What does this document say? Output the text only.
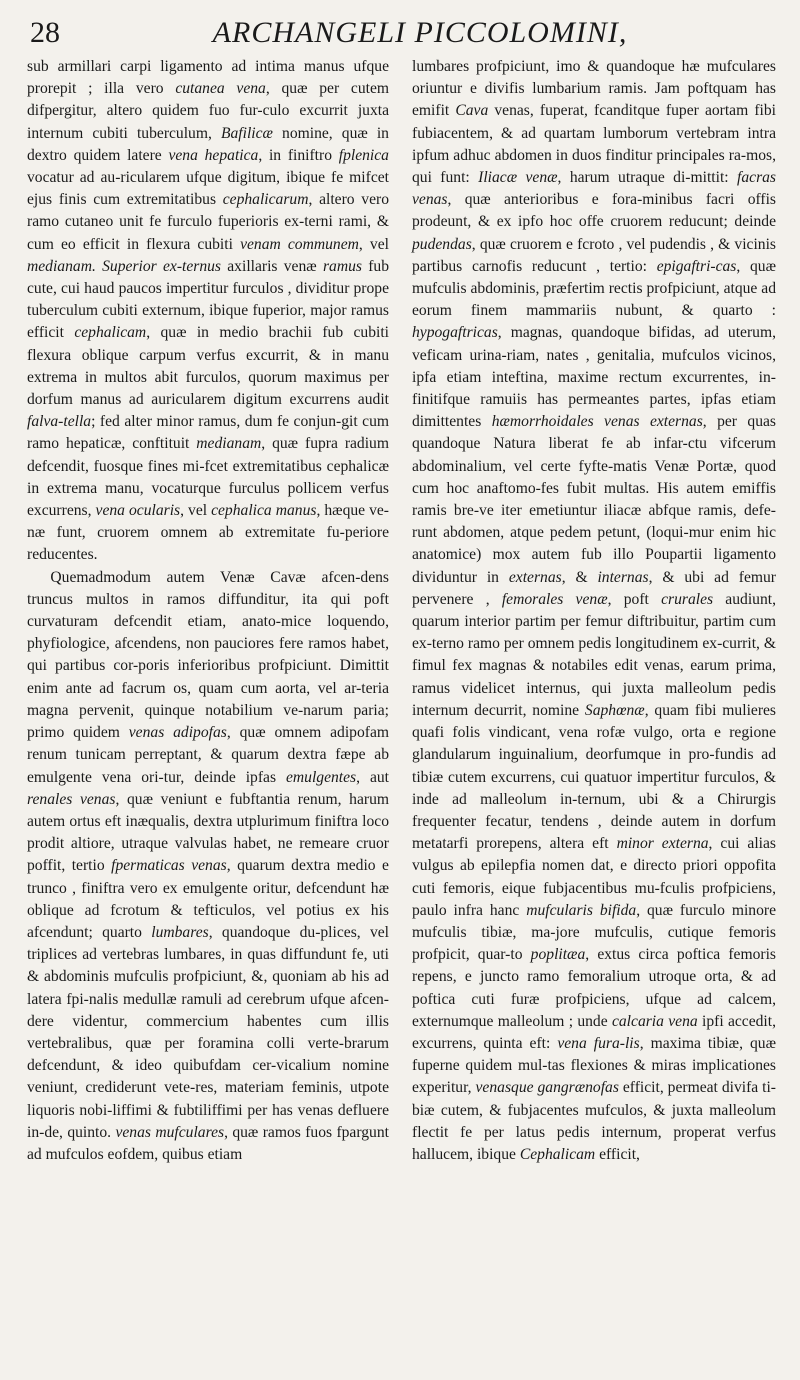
28	ARCHANGELI PICCOLOMINI,

sub armillari carpi ligamento ad intima manus ufque prorepit ; illa vero cutanea vena, quæ per cutem difpergitur, altero quidem fuo fur-culo excurrit juxta internum cubiti tuberculum, Bafilicæ nomine, quæ in dextro quidem latere vena hepatica, in finiftro fplenica vocatur ad au-ricularem ufque digitum, ibique fe mifcet ejus finis cum extremitatibus cephalicarum, altero vero ramo cutaneo unit fe furculo fuperioris ex-terni rami, & cum eo efficit in flexura cubiti venam communem, vel medianam. Superior ex-ternus axillaris venæ ramus fub cute, cui haud paucos impertitur furculos , dividitur prope tuberculum cubiti externum, ibique fuperior, major ramus efficit cephalicam, quæ in medio brachii fub cubiti flexura oblique carpum verfus excurrit, & in manu extrema in multos abit furculos, quorum maximus per dorfum manus ad auricularem digitum excurrens audit falva-tella; fed alter minor ramus, dum fe conjun-git cum ramo hepaticæ, conftituit medianam, quæ fupra radium defcendit, fuosque fines mi-fcet extremitatibus cephalicæ in extrema manu, vocaturque furculus pollicem verfus excurrens, vena ocularis, vel cephalica manus, hæque ve-næ funt, cruorem omnem ab extremitate fu-periore reducentes.

Quemadmodum autem Venæ Cavæ afcen-dens truncus multos in ramos diffunditur, ita qui poft curvaturam defcendit etiam, anato-mice loquendo, phyfiologice, afcendens, non pauciores fere ramos habet, qui partibus cor-poris inferioribus profpiciunt. Dimittit enim ante ad facrum os, quam cum aorta, vel ar-teria magna pervenit, quinque notabilium ve-narum paria; primo quidem venas adipofas, quæ omnem adipofam renum tunicam perreptant, & quarum dextra fæpe ab emulgente vena ori-tur, deinde ipfas emulgentes, aut renales venas, quæ veniunt e fubftantia renum, harum autem ortus eft inæqualis, dextra utplurimum finiftra loco prodit altiore, utraque valvulas habet, ne remeare cruor poffit, tertio fpermaticas venas, quarum dextra medio e trunco , finiftra vero ex emulgente oritur, defcendunt hæ oblique ad fcrotum & tefticulos, vel potius ex his afcendunt; quarto lumbares, quandoque du-plices, vel triplices ad vertebras lumbares, in quas diffundunt fe, uti & abdominis mufculis profpiciunt, &, quoniam ab his ad latera fpi-nalis medullæ ramuli ad cerebrum ufque afcen-dere videntur, commercium habentes cum illis vertebralibus, quæ per foramina colli verte-brarum defcendunt, & ideo quibufdam cer-vicalium nomine veniunt, crediderunt vete-res, materiam feminis, utpote liquoris nobi-liffimi & fubtiliffimi per has venas defluere in-de, quinto. venas mufculares, quæ ramos fuos fpargunt ad mufculos eofdem, quibus etiam

lumbares profpiciunt, imo & quandoque hæ mufculares oriuntur e divifis lumbarium ramis. Jam poftquam has emifit Cava venas, fuperat, fcanditque fuper aortam fibi fubiacentem, & ad quartam lumborum vertebram intra ipfum adhuc abdomen in duos finditur principales ra-mos, qui funt: Iliacæ venæ, harum utraque di-mittit: facras venas, quæ anterioribus e fora-minibus facri offis prodeunt, & ex ipfo hoc offe cruorem reducunt; deinde pudendas, quæ cruorem e fcroto , vel pudendis , & vicinis partibus carnofis reducunt , tertio: epigaftri-cas, quæ mufculis abdominis, præfertim rectis profpiciunt, atque ad eorum finem mammariis nubunt, & quarto : hypogaftricas, magnas, quandoque bifidas, ad uterum, veficam urina-riam, nates , genitalia, mufculos vicinos, ipfa etiam inteftina, maxime rectum excurrentes, in-finitifque ramuiis has permeantes partes, ipfas etiam dimittentes hæmorrhoidales venas externas, per quas quandoque Natura liberat fe ab infar-ctu vifcerum abdominalium, vel certe fyfte-matis Venæ Portæ, quod cum hoc anaftomo-fes fubit multas. His autem emiffis ramis bre-ve iter emetiuntur iliacæ abfque ramis, defe-runt abdomen, atque pedem petunt, (loqui-mur enim hic anatomice) mox autem fub illo Poupartii ligamento dividuntur in externas, & internas, & ubi ad femur pervenere , femorales venæ, poft crurales audiunt, quarum interior partim per femur diftribuitur, partim cum ex-terno ramo per omnem pedis longitudinem ex-currit, & fimul fex magnas & notabiles edit venas, earum prima, ramus videlicet internus, qui juxta malleolum pedis internum decurrit, nomine Saphœnæ, quam fibi mulieres quafi folis vindicant, vena rofæ vulgo, orta e regione glandularum inguinalium, deorfumque in pro-fundis ad tibiæ cutem excurrens, cui quatuor impertitur furculos, & inde ad malleolum in-ternum, ubi & a Chirurgis frequenter fecatur, tendens , deinde autem in dorfum metatarfi prorepens, altera eft minor externa, cui alias vulgus ab epilepfia nomen dat, e directo priori oppofita cuti femoris, eique fubjacentibus mu-fculis profpiciens, paulo infra hanc mufcularis bifida, quæ furculo minore mufculis tibiæ, ma-jore mufculis, cutique femoris profpicit, quar-to poplitæa, extus circa poftica femoris repens, e juncto ramo femoralium utroque orta, & ad poftica cuti furæ profpiciens, ufque ad calcem, externumque malleolum ; unde calcaria vena ipfi accedit, excurrens, quinta eft: vena fura-lis, maxima tibiæ, quæ fuperne quidem mul-tas flexiones & miras implicationes experitur, venasque gangrænofas efficit, permeat divifa ti-biæ cutem, & fubjacentes mufculos, & juxta malleolum flectit fe per latus pedis internum, properat verfus hallucem, ibique Cephalicam efficit,
